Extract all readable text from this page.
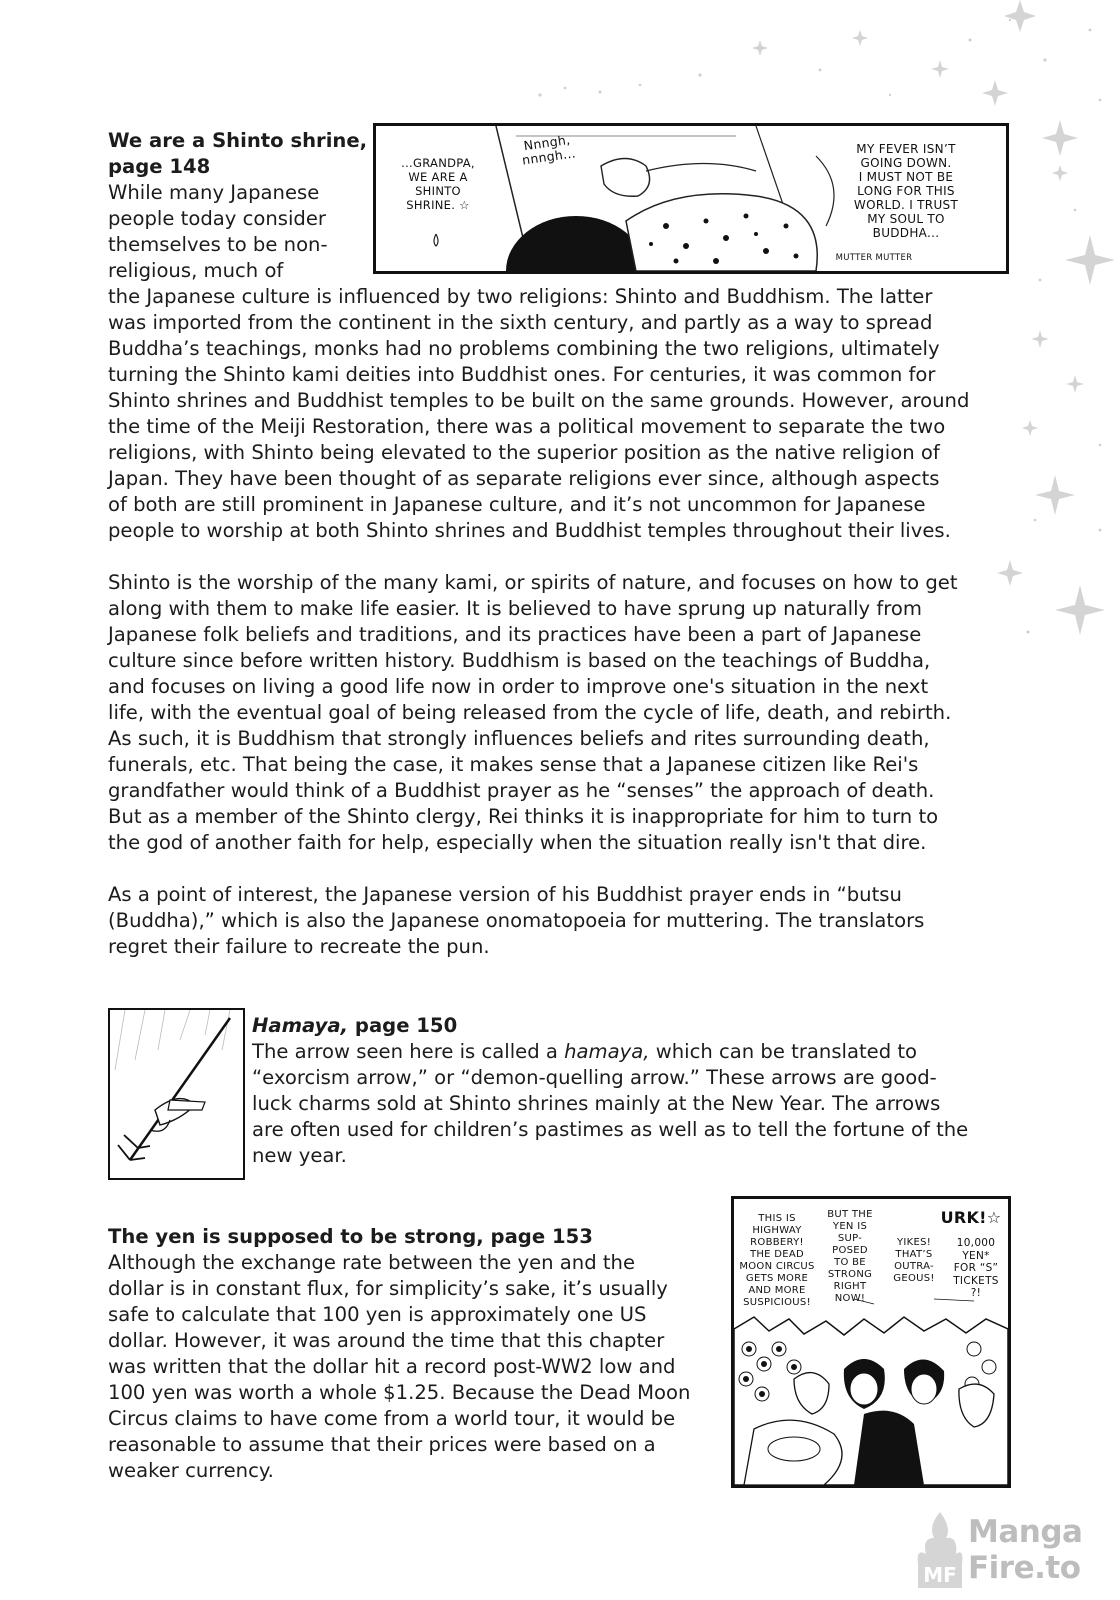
We are a Shinto shrine,
page 148
While many Japanese
people today consider
themselves to be non-
religious, much of
the Japanese culture is influenced by two religions: Shinto and Buddhism. The latter
was imported from the continent in the sixth century, and partly as a way to spread
Buddha’s teachings, monks had no problems combining the two religions, ultimately
turning the Shinto kami deities into Buddhist ones. For centuries, it was common for
Shinto shrines and Buddhist temples to be built on the same grounds. However, around
the time of the Meiji Restoration, there was a political movement to separate the two
religions, with Shinto being elevated to the superior position as the native religion of
Japan. They have been thought of as separate religions ever since, although aspects
of both are still prominent in Japanese culture, and it’s not uncommon for Japanese
people to worship at both Shinto shrines and Buddhist temples throughout their lives.
Shinto is the worship of the many kami, or spirits of nature, and focuses on how to get
along with them to make life easier. It is believed to have sprung up naturally from
Japanese folk beliefs and traditions, and its practices have been a part of Japanese
culture since before written history. Buddhism is based on the teachings of Buddha,
and focuses on living a good life now in order to improve one's situation in the next
life, with the eventual goal of being released from the cycle of life, death, and rebirth.
As such, it is Buddhism that strongly influences beliefs and rites surrounding death,
funerals, etc. That being the case, it makes sense that a Japanese citizen like Rei's
grandfather would think of a Buddhist prayer as he “senses” the approach of death.
But as a member of the Shinto clergy, Rei thinks it is inappropriate for him to turn to
the god of another faith for help, especially when the situation really isn't that dire.
As a point of interest, the Japanese version of his Buddhist prayer ends in “butsu
(Buddha),” which is also the Japanese onomatopoeia for muttering. The translators
regret their failure to recreate the pun.
...GRANDPA,
WE ARE A
SHINTO
SHRINE. ☆
Nnngh,
nnngh...	MY FEVER ISN’T
GOING DOWN.
I MUST NOT BE
LONG FOR THIS
WORLD. I TRUST
MY SOUL TO
BUDDHA...
MUTTER MUTTER
Hamaya, page 150
The arrow seen here is called a hamaya, which can be translated to
“exorcism arrow,” or “demon-quelling arrow.” These arrows are good-
luck charms sold at Shinto shrines mainly at the New Year. The arrows
are often used for children’s pastimes as well as to tell the fortune of the
new year.
The yen is supposed to be strong, page 153
Although the exchange rate between the yen and the
dollar is in constant flux, for simplicity’s sake, it’s usually
safe to calculate that 100 yen is approximately one US
dollar. However, it was around the time that this chapter
was written that the dollar hit a record post-WW2 low and
100 yen was worth a whole $1.25. Because the Dead Moon
Circus claims to have come from a world tour, it would be
reasonable to assume that their prices were based on a
weaker currency.
THIS IS
HIGHWAY
ROBBERY!
THE DEAD
MOON CIRCUS
GETS MORE
AND MORE
SUSPICIOUS!
BUT THE
YEN IS
SUP-
POSED
TO BE
STRONG
RIGHT
NOW!
YIKES!
THAT’S
OUTRA-
GEOUS!
URK!☆
10,000
YEN*
FOR “S”
TICKETS
?!
MF
Manga
Fire.to
